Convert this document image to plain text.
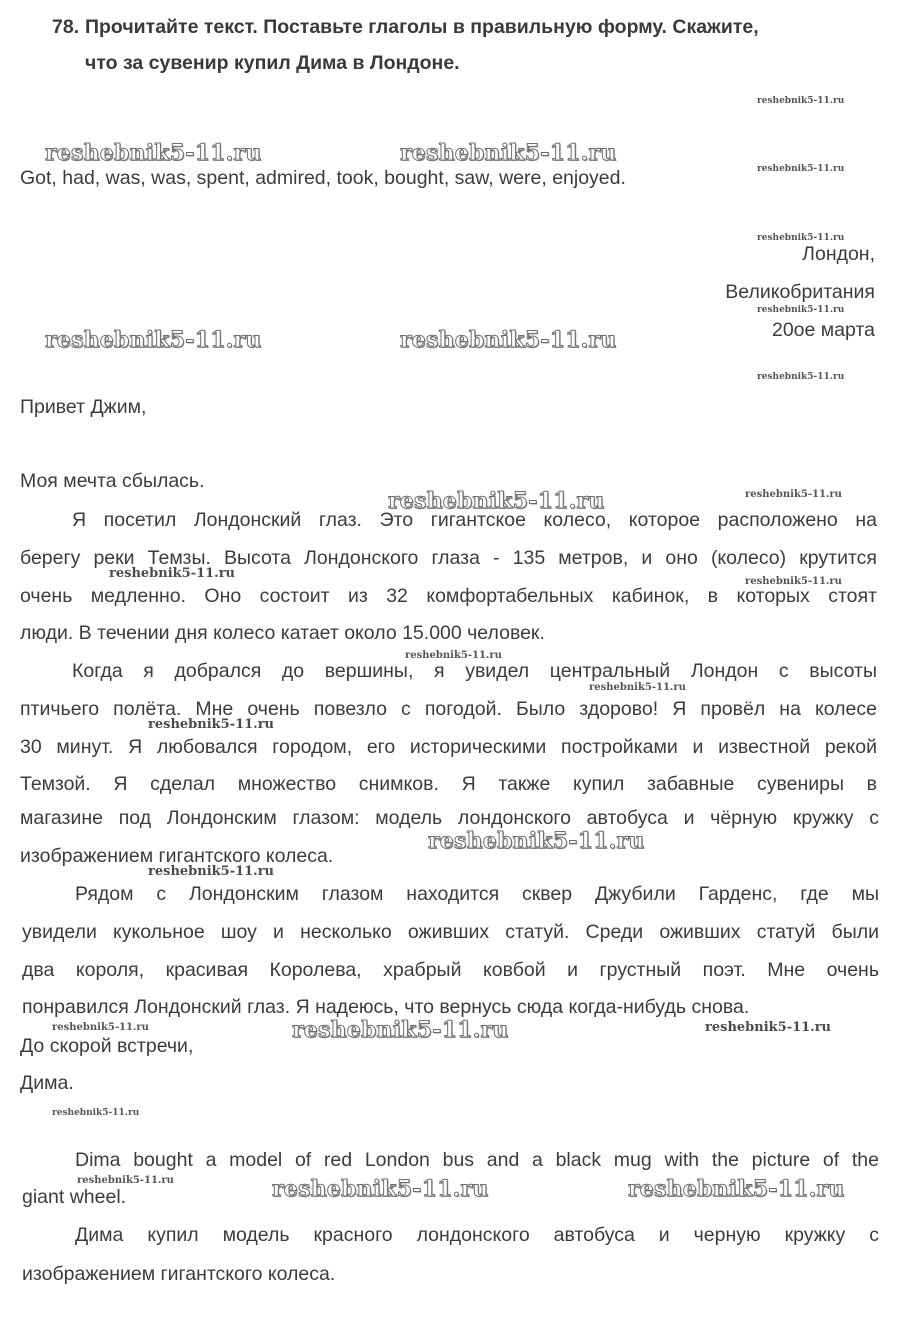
78. Прочитайте текст. Поставьте глаголы в правильную форму. Скажите,
что за сувенир купил Дима в Лондоне.
Got, had, was, was, spent, admired, took, bought, saw, were, enjoyed.
Лондон,
Великобритания
20ое марта
Привет Джим,
Моя мечта сбылась.
Я посетил Лондонский глаз. Это гигантское колесо, которое расположено на
берегу реки Темзы. Высота Лондонского глаза - 135 метров, и оно (колесо) крутится
очень медленно. Оно состоит из 32 комфортабельных кабинок, в которых стоят
люди. В течении дня колесо катает около 15.000 человек.
Когда я добрался до вершины, я увидел центральный Лондон с высоты
птичьего полёта. Мне очень повезло с погодой. Было здорово! Я провёл на колесе
30 минут. Я любовался городом, его историческими постройками и известной рекой
Темзой. Я сделал множество снимков. Я также купил забавные сувениры в
магазине под Лондонским глазом: модель лондонского автобуса и чёрную кружку с
изображением гигантского колеса.
Рядом с Лондонским глазом находится сквер Джубили Гарденс, где мы
увидели кукольное шоу и несколько оживших статуй. Среди оживших статуй были
два короля, красивая Королева, храбрый ковбой и грустный поэт. Мне очень
понравился Лондонский глаз. Я надеюсь, что вернусь сюда когда-нибудь снова.
До скорой встречи,
Дима.
Dima bought a model of red London bus and a black mug with the picture of the
giant wheel.
Дима купил модель красного лондонского автобуса и черную кружку с
изображением гигантского колеса.
reshebnik5-11.ru
reshebnik5-11.ru	reshebnik5-11.ru
reshebnik5-11.ru
reshebnik5-11.ru
reshebnik5-11.ru
reshebnik5-11.ru	reshebnik5-11.ru
reshebnik5-11.ru
reshebnik5-11.ru	reshebnik5-11.ru
reshebnik5-11.ru
reshebnik5-11.ru
reshebnik5-11.ru
reshebnik5-11.ru
reshebnik5-11.ru
reshebnik5-11.ru
reshebnik5-11.ru
reshebnik5-11.ru	reshebnik5-11.ru	reshebnik5-11.ru
reshebnik5-11.ru
reshebnik5-11.ru	reshebnik5-11.ru	reshebnik5-11.ru
